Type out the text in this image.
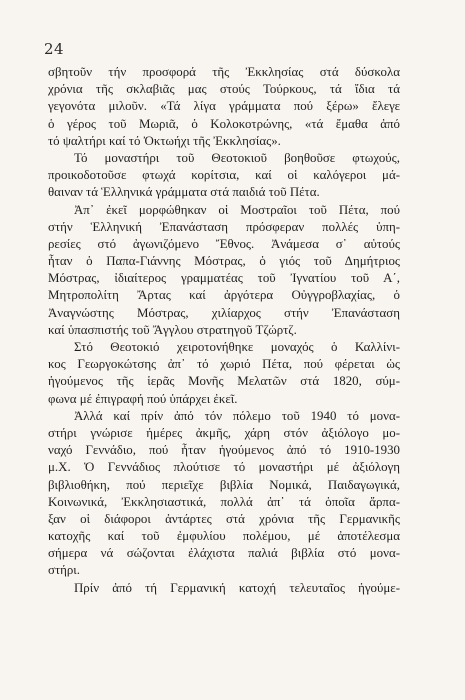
24
σβητοῦν τήν προσφορά τῆς Ἐκκλησίας στά δύσκολα
χρόνια τῆς σκλαβιᾶς μας στούς Τούρκους, τά ἴδια τά
γεγονότα μιλοῦν. «Τά λίγα γράμματα πού ξέρω» ἔλεγε
ὁ γέρος τοῦ Μωριᾶ, ὁ Κολοκοτρώνης, «τά ἔμαθα ἀπό
τό ψαλτήρι καί τό Ὀκτωήχι τῆς Ἐκκλησίας».
Τό μοναστήρι τοῦ Θεοτοκιοῦ βοηθοῦσε φτωχούς,
προικοδοτοῦσε φτωχά κορίτσια, καί οἱ καλόγεροι μά-
θαιναν τά Ἑλληνικά γράμματα στά παιδιά τοῦ Πέτα.
Ἀπ᾿ ἐκεῖ μορφώθηκαν οἱ Μοστραῖοι τοῦ Πέτα, πού
στήν Ἑλληνική Ἐπανάσταση πρόσφεραν πολλές ὑπη-
ρεσίες στό ἀγωνιζόμενο Ἔθνος. Ἀνάμεσα σ᾿ αὐτούς
ἦταν ὁ Παπα-Γιάννης Μόστρας, ὁ γιός τοῦ Δημήτριος
Μόστρας, ἰδιαίτερος γραμματέας τοῦ Ἰγνατίου τοῦ Α΄,
Μητροπολίτη Ἄρτας καί ἀργότερα Οὐγγροβλαχίας, ὁ
Ἀναγνώστης Μόστρας, χιλίαρχος στήν Ἐπανάσταση
καί ὑπασπιστής τοῦ Ἄγγλου στρατηγοῦ Τζώρτζ.
Στό Θεοτοκιό χειροτονήθηκε μοναχός ὁ Καλλίνι-
κος Γεωργοκώτσης ἀπ᾿ τό χωριό Πέτα, πού φέρεται ὡς
ἡγούμενος τῆς ἱερᾶς Μονῆς Μελατῶν στά 1820, σύμ-
φωνα μέ ἐπιγραφή πού ὑπάρχει ἐκεῖ.
Ἀλλά καί πρίν ἀπό τόν πόλεμο τοῦ 1940 τό μονα-
στήρι γνώρισε ἡμέρες ἀκμῆς, χάρη στόν ἀξιόλογο μο-
ναχό Γεννάδιο, πού ἦταν ἡγούμενος ἀπό τό 1910-1930
μ.Χ. Ὁ Γεννάδιος πλούτισε τό μοναστήρι μέ ἀξιόλογη
βιβλιοθήκη, πού περιεῖχε βιβλία Νομικά, Παιδαγωγικά,
Κοινωνικά, Ἐκκλησιαστικά, πολλά ἀπ᾿ τά ὁποῖα ἅρπα-
ξαν οἱ διάφοροι ἀντάρτες στά χρόνια τῆς Γερμανικῆς
κατοχῆς καί τοῦ ἐμφυλίου πολέμου, μέ ἀποτέλεσμα
σήμερα νά σώζονται ἐλάχιστα παλιά βιβλία στό μονα-
στήρι.
Πρίν ἀπό τή Γερμανική κατοχή τελευταῖος ἡγούμε-
